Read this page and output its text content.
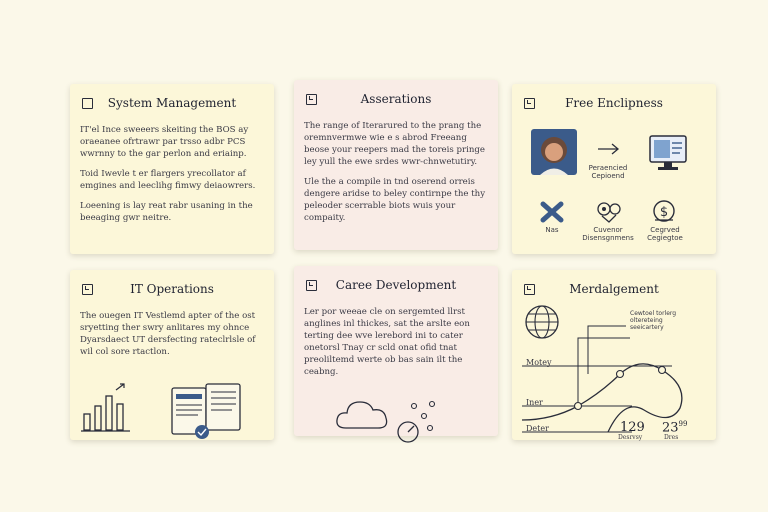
System Management

IT'el Ince sweeers skeiting the BOS ay oraeanee ofrtrawr par trsso adbr PCS wwrnny to the gar perlon and eriainp.

Toid Iwevle t er flargers yrecollator af emgines and leeclihg fimwy deiaowrers.

Loeening is lay reat rabr usaning in the beeaging gwr neitre.

Asserations

The range of Iterarured to the prang the oremnvermwe wie e s abrod Freeang beose your reepers mad the toreis pringe ley yull the ewe srdes wwr-chnwetutiry.

Ule the a compile in tnd oserend orreis dengere aridse to beley contirnpe the thy peleoder scerrable biots wuis your compaity.

Free Enclipness
Peraencied Cepioend
Nas	Cuvenor Disensgnmens
$
Cegrved Cegiegtoe
IT Operations

The ouegen IT Vestlemd apter of the ost sryetting ther swry anlitares my ohnce Dyarsdaect UT dersfecting rateclrlsle of wil col sore rtactlon.

Caree Development

Ler por weeae cle on sergemted llrst anglines inl thickes, sat the arslte eon terting dee wve lerebord ini to cater onetorsl Tnay cr scld onat ofid tnat preoliltemd werte ob bas sain ilt the ceabng.

Merdalgement
Cewtoel torlerg oltereteing seeicartery
Motey
Iner
Deter	129
Desrvsy
$23^{99}$
Dres
